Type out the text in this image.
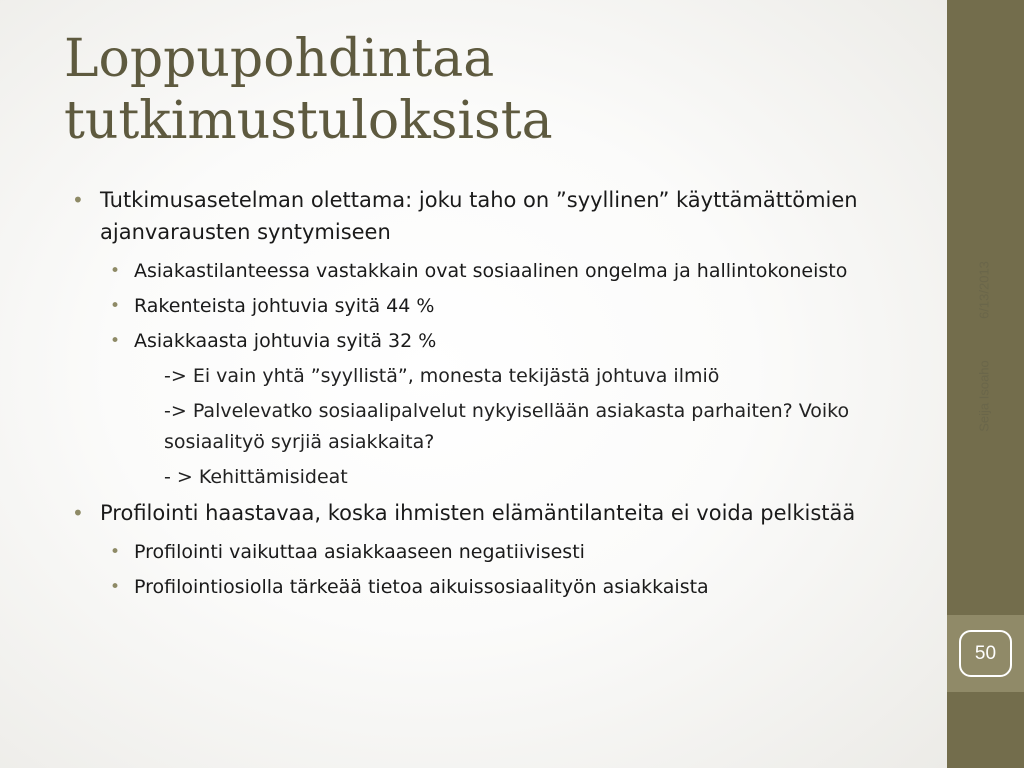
Loppupohdintaa tutkimustuloksista
• Tutkimusasetelman olettama: joku taho on ”syyllinen” käyttämättömien ajanvarausten syntymiseen
• Asiakastilanteessa vastakkain ovat sosiaalinen ongelma ja hallintokoneisto
• Rakenteista johtuvia syitä 44 %
• Asiakkaasta johtuvia syitä 32 %
-> Ei vain yhtä ”syyllistä”, monesta tekijästä johtuva ilmiö
-> Palvelevatko sosiaalipalvelut nykyisellään asiakasta parhaiten? Voiko sosiaalityö syrjiä asiakkaita?
- > Kehittämisideat
• Profilointi haastavaa, koska ihmisten elämäntilanteita ei voida pelkistää
• Profilointi vaikuttaa asiakkaaseen negatiivisesti
• Profilointiosiolla tärkeää tietoa aikuissosiaalityön asiakkaista
50
6/13/2013
Seija Isoaho
